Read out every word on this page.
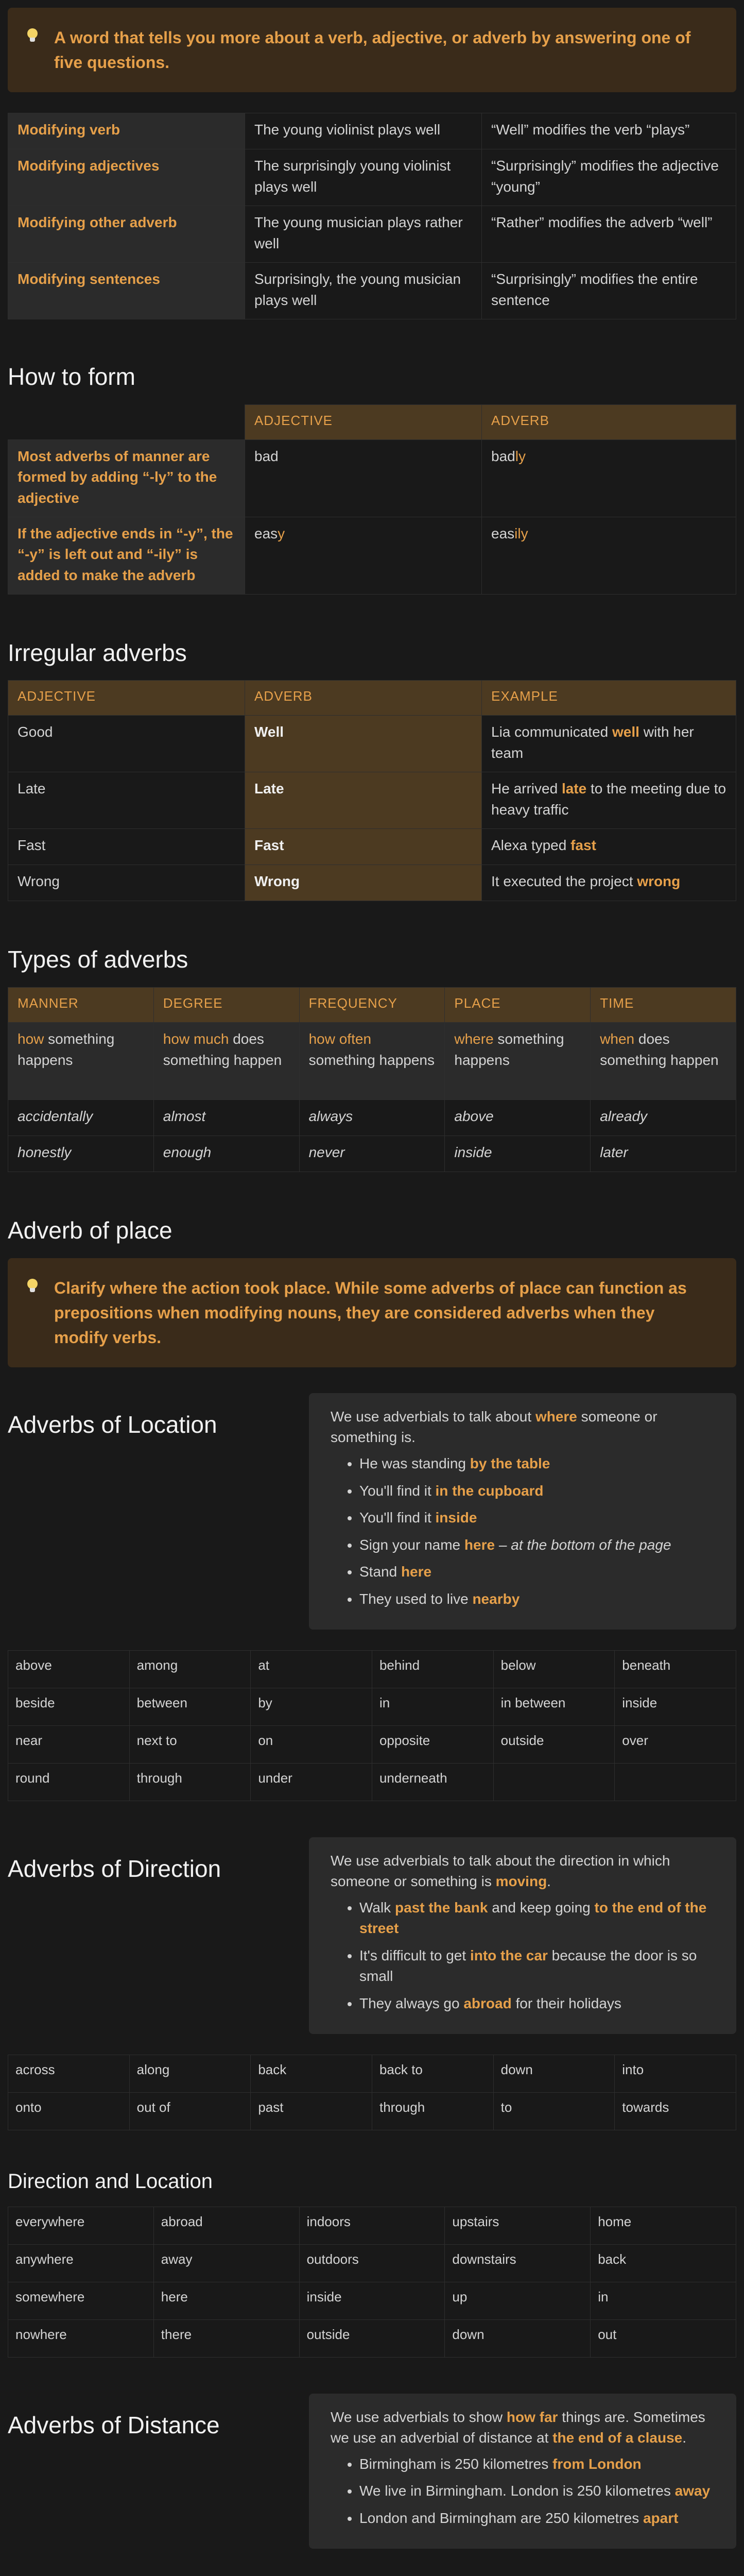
A word that tells you more about a verb, adjective, or adverb by answering one of five questions.
Modifying verb	The young violinist plays well	“Well” modifies the verb “plays”
Modifying adjectives	The surprisingly young violinist plays well	“Surprisingly” modifies the adjective “young”
Modifying other adverb	The young musician plays rather well	“Rather” modifies the adverb “well”
Modifying sentences	Surprisingly, the young musician plays well	“Surprisingly” modifies the entire sentence
How to form
	ADJECTIVE	ADVERB
Most adverbs of manner are formed by adding “-ly” to the adjective	bad	badly
If the adjective ends in “-y”, the “-y” is left out and “-ily” is added to make the adverb	easy	easily
Irregular adverbs
ADJECTIVE	ADVERB	EXAMPLE
Good	Well	Lia communicated well with her team
Late	Late	He arrived late to the meeting due to heavy traffic
Fast	Fast	Alexa typed fast
Wrong	Wrong	It executed the project wrong
Types of adverbs
MANNER	DEGREE	FREQUENCY	PLACE	TIME
how something happens	how much does something happen	how often something happens	where something happens	when does something happen
accidentally	almost	always	above	already
honestly	enough	never	inside	later
Adverb of place
Clarify where the action took place. While some adverbs of place can function as prepositions when modifying nouns, they are considered adverbs when they modify verbs.
Adverbs of Location	We use adverbials to talk about where someone or something is.
• He was standing by the table
• You'll find it in the cupboard
• You'll find it inside
• Sign your name here – at the bottom of the page
• Stand here
• They used to live nearby
above	among	at	behind	below	beneath
beside	between	by	in	in between	inside
near	next to	on	opposite	outside	over
round	through	under	underneath		
Adverbs of Direction	We use adverbials to talk about the direction in which someone or something is moving.
• Walk past the bank and keep going to the end of the street
• It's difficult to get into the car because the door is so small
• They always go abroad for their holidays
across	along	back	back to	down	into
onto	out of	past	through	to	towards
Direction and Location
everywhere	abroad	indoors	upstairs	home
anywhere	away	outdoors	downstairs	back
somewhere	here	inside	up	in
nowhere	there	outside	down	out
Adverbs of Distance	We use adverbials to show how far things are. Sometimes we use an adverbial of distance at the end of a clause.
• Birmingham is 250 kilometres from London
• We live in Birmingham. London is 250 kilometres away
• London and Birmingham are 250 kilometres apart
